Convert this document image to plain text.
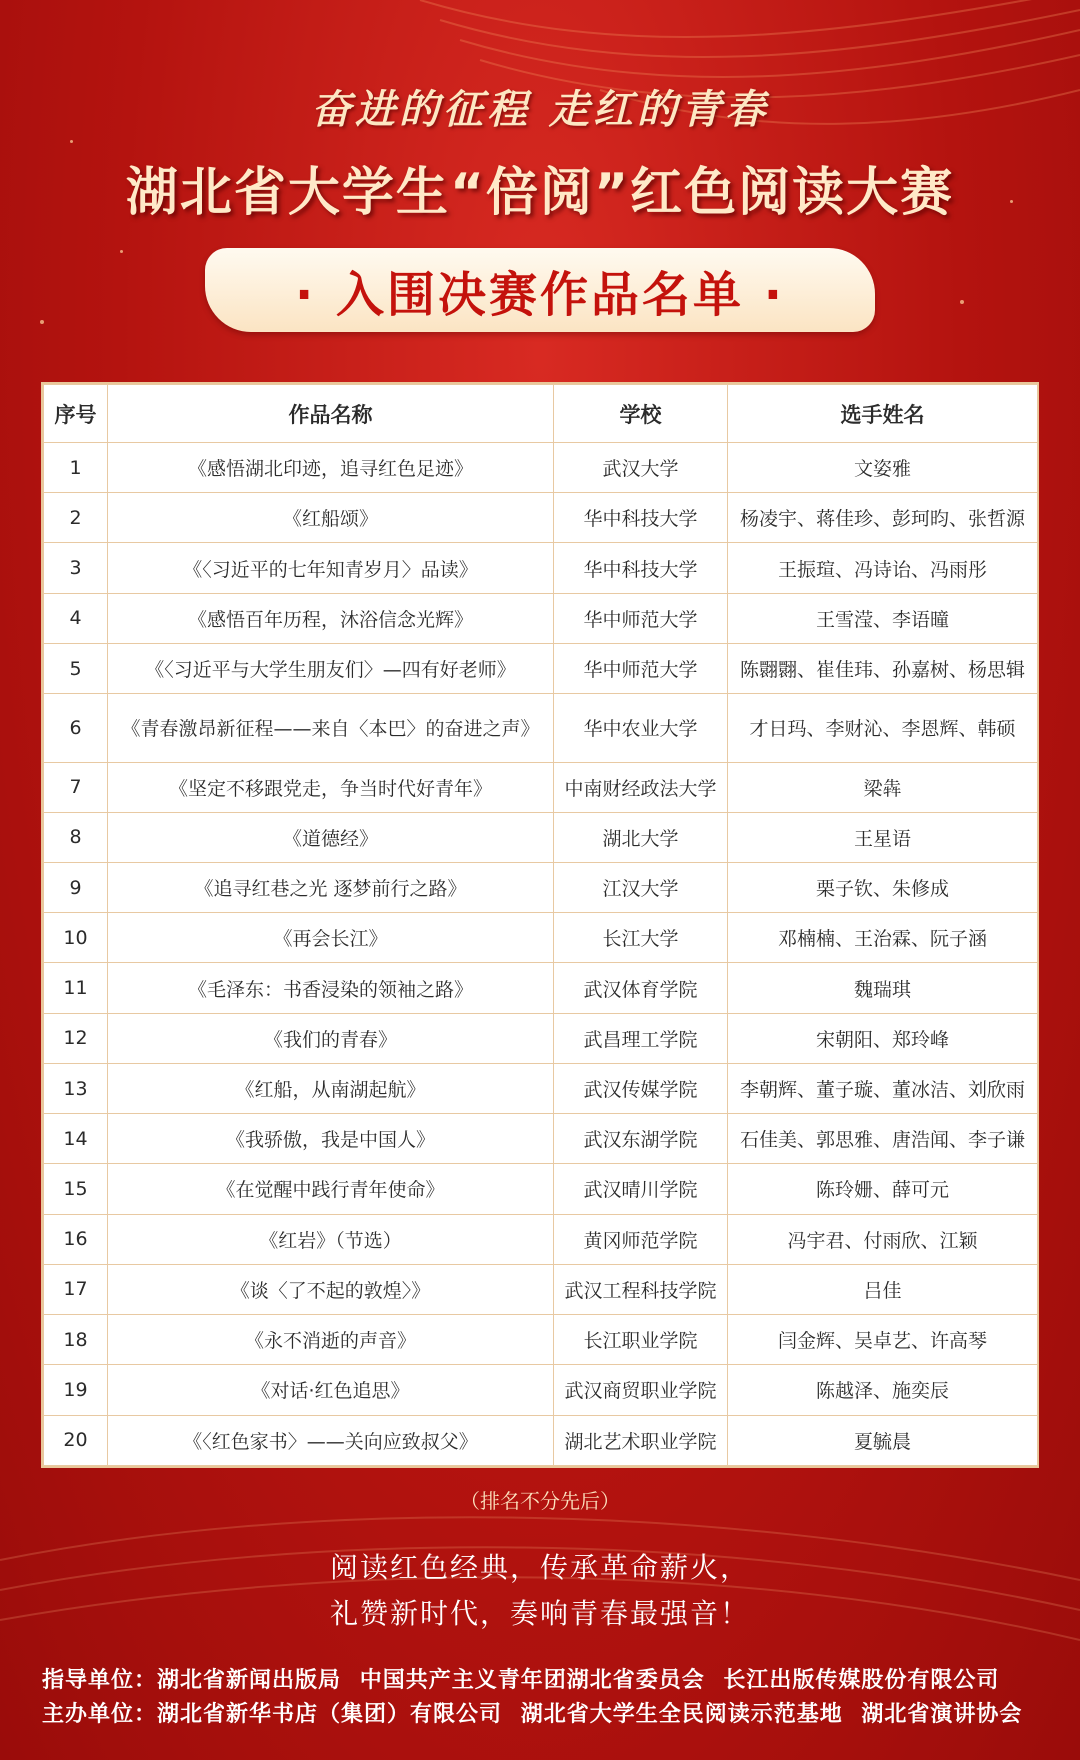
奋进的征程 走红的青春
湖北省大学生“倍阅”红色阅读大赛
· 入围决赛作品名单 ·
序号	作品名称	学校	选手姓名
1	《感悟湖北印迹，追寻红色足迹》	武汉大学	文姿雅
2	《红船颂》	华中科技大学	杨凌宇、蒋佳珍、彭珂昀、张哲源
3	《〈习近平的七年知青岁月〉品读》	华中科技大学	王振瑄、冯诗诒、冯雨彤
4	《感悟百年历程，沐浴信念光辉》	华中师范大学	王雪滢、李语曈
5	《〈习近平与大学生朋友们〉—四有好老师》	华中师范大学	陈翾翾、崔佳玮、孙嘉树、杨思辑
6	《青春激昂新征程——来自〈本巴〉的奋进之声》	华中农业大学	才日玛、李财沁、李恩辉、韩硕
7	《坚定不移跟党走，争当时代好青年》	中南财经政法大学	梁犇
8	《道德经》	湖北大学	王星语
9	《追寻红巷之光 逐梦前行之路》	江汉大学	栗子钦、朱修成
10	《再会长江》	长江大学	邓楠楠、王治霖、阮子涵
11	《毛泽东：书香浸染的领袖之路》	武汉体育学院	魏瑞琪
12	《我们的青春》	武昌理工学院	宋朝阳、郑玲峰
13	《红船，从南湖起航》	武汉传媒学院	李朝辉、董子璇、董冰洁、刘欣雨
14	《我骄傲，我是中国人》	武汉东湖学院	石佳美、郭思雅、唐浩闻、李子谦
15	《在觉醒中践行青年使命》	武汉晴川学院	陈玲姗、薛可元
16	《红岩》（节选）	黄冈师范学院	冯宇君、付雨欣、江颖
17	《谈〈了不起的敦煌〉》	武汉工程科技学院	吕佳
18	《永不消逝的声音》	长江职业学院	闫金辉、吴卓艺、许高琴
19	《对话·红色追思》	武汉商贸职业学院	陈越泽、施奕辰
20	《〈红色家书〉——关向应致叔父》	湖北艺术职业学院	夏毓晨
（排名不分先后）
阅读红色经典，传承革命薪火，
礼赞新时代，奏响青春最强音！
指导单位：湖北省新闻出版局 中国共产主义青年团湖北省委员会 长江出版传媒股份有限公司
主办单位：湖北省新华书店（集团）有限公司 湖北省大学生全民阅读示范基地 湖北省演讲协会
